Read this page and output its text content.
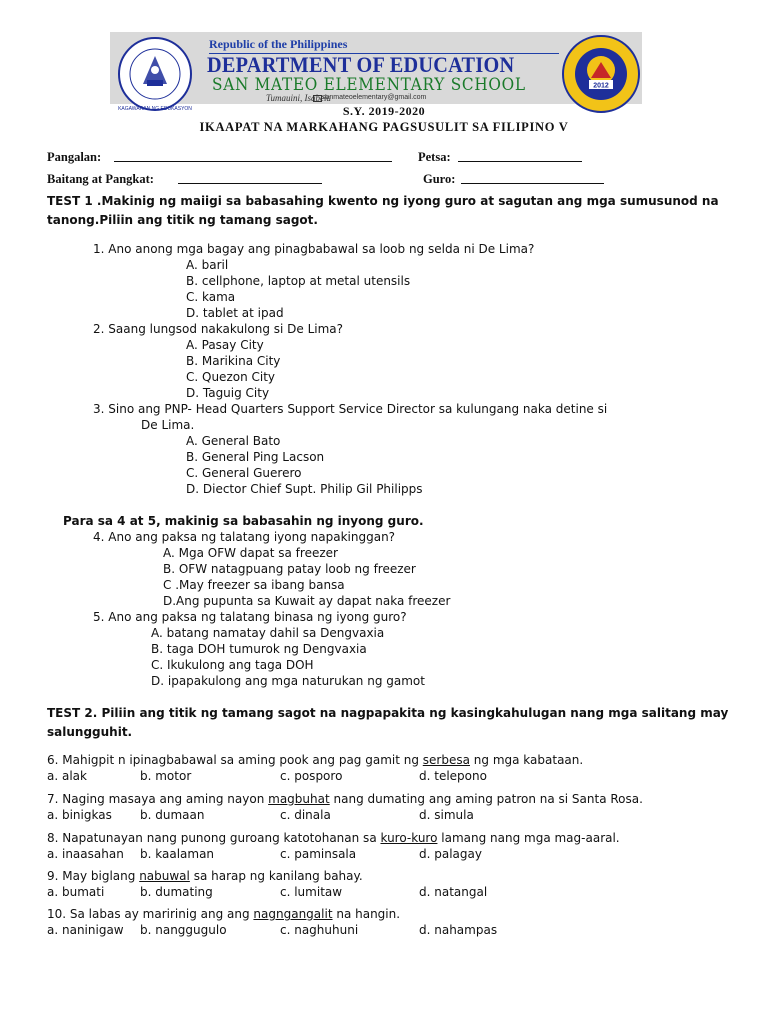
KAGAWARAN NG EDUKASYON
2012
Republic of the Philippines
DEPARTMENT OF EDUCATION
SAN MATEO ELEMENTARY SCHOOL
Tumauini, Isabela
sanmateoelementary@gmail.com
S.Y. 2019-2020
IKAAPAT NA MARKAHANG PAGSUSULIT SA FILIPINO V
Pangalan:	Petsa:
Baitang at Pangkat:	Guro:
TEST 1 .Makinig ng maiigi sa babasahing kwento ng iyong guro at sagutan ang mga sumusunod na
tanong.Piliin ang titik ng tamang sagot.
1. Ano anong mga bagay ang pinagbabawal sa loob ng selda ni De Lima?
A. baril
B. cellphone, laptop at metal utensils
C. kama
D. tablet at ipad
2. Saang lungsod nakakulong si De Lima?
A. Pasay City
B. Marikina City
C. Quezon City
D. Taguig City
3. Sino ang PNP- Head Quarters Support Service Director sa kulungang naka detine si
De Lima.
A. General Bato
B. General Ping Lacson
C. General Guerero
D. Diector Chief Supt. Philip Gil Philipps
Para sa 4 at 5, makinig sa babasahin ng inyong guro.
4. Ano ang paksa ng talatang iyong napakinggan?
A. Mga OFW dapat sa freezer
B. OFW natagpuang patay loob ng freezer
C .May freezer sa ibang bansa
D.Ang pupunta sa Kuwait ay dapat naka freezer
5. Ano ang paksa ng talatang binasa ng iyong guro?
A. batang namatay dahil sa Dengvaxia
B. taga DOH tumurok ng Dengvaxia
C. Ikukulong ang taga DOH
D. ipapakulong ang mga naturukan ng gamot
TEST 2. Piliin ang titik ng tamang sagot na nagpapakita ng kasingkahulugan nang mga salitang may
salungguhit.
6. Mahigpit n ipinagbabawal sa aming pook ang pag gamit ng serbesa ng mga kabataan.
a. alak	b. motor	c. posporo	d. telepono
7. Naging masaya ang aming nayon magbuhat nang dumating ang aming patron na si Santa Rosa.
a. binigkas b. dumaan	c. dinala	d. simula
8. Napatunayan nang punong guroang katotohanan sa kuro-kuro lamang nang mga mag-aaral.
a. inaasahan b. kaalaman	c. paminsala	d. palagay
9. May biglang nabuwal sa harap ng kanilang bahay.
a. bumati	b. dumating	c. lumitaw	d. natangal
10. Sa labas ay maririnig ang ang nagngangalit na hangin.
a. naninigaw b. nanggugulo	c. naghuhuni	d. nahampas
